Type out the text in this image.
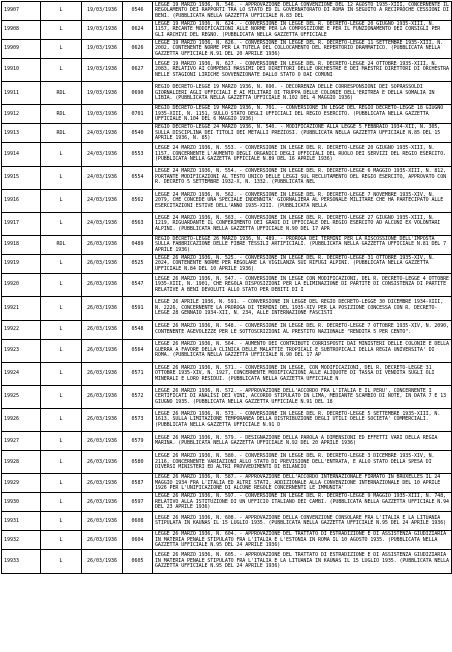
19907	L	19/03/1936	0546	LEGGE 19 MARZO 1936, N. 546. - APPROVAZIONE DELLA CONVENZIONE DEL 12 AGOSTO 1935-XIII, CONCERNENTE IL REGOLAMENTO DEI RAPPORTI TRA LO STATO ED IL GOVERNATORATO DI ROMA IN SEGUITO A RECIPROCHE CESSIONI DI BENI. (PUBBLICATA NELLA GAZZETTA UFFICIALE N.83 DEL
19908	L	19/03/1936	0624	LEGGE 19 MARZO 1936, N. 624. - CONVERSIONE IN LEGGE DEL R. DECRETO-LEGGE 20 GIUGNO 1935-XIII, N. 1157, RECANTE MODIFICAZIONI ALLE NORME PER LA COMPOSIZIONE E PER IL FUNZIONAMENTO DEI CONSIGLI PER GLI ARCHIVI DEL REGNO. (PUBBLICATA NELLA GAZZETTA UFFICIALE
19909	L	19/03/1936	0626	LEGGE 19 MARZO 1936, N. 626. - CONVERSIONE IN LEGGE DEL R. DECRETO-LEGGE 11 SETTEMBRE 1935-XIII, N. 2002, CONTENENTE NORME PER LA TUTELA DEL COLLOCAMENTO DEL REPERTORIO DRAMMATICO. (PUBBLICATA NELLA GAZZETTA UFFICIALE N.91 DEL 20 APRILE 1936)
19910	L	19/03/1936	0627	LEGGE 19 MARZO 1936, N. 627. - CONVERSIONE IN LEGGE DEL R. DECRETO-LEGGE 24 OTTOBRE 1935-XIII, N. 2083, RELATIVO AI COMPENSI MASSIMI DEI DIRETTORI DELLE ORCHESTRE E DEI MAESTRI DIRETTORI DI ORCHESTRA NELLE STAGIONI LIRICHE SOVVENZIONATE DALLO STATO O DAI COMUNI
19911	RDL	19/03/1936	0690	REGIO DECRETO-LEGGE 19 MARZO 1936, N. 690. - DECORRENZA DELLE CORRESPONSIONI DEI SOPRASSOLDI GIORNALIERI AGLI UFFICIALI E AI MILITARI DI TRUPPA DELLE COLONIE DELL'ERITREA E DELLA SOMALIA IN LIBIA. (PUBBLICATA NELLA GAZZETTA UFFICIALE N.102 DEL 4 MAGGIO 1936)
19912	RDL	19/03/1936	0701	REGIO DECRETO-LEGGE 19 MARZO 1936, N. 701. - CONVERSIONE IN LEGGE DEL REGIO DECRETO-LEGGE 18 GIUGNO 1935-XIII, N. 1151, SULLO STATO DEGLI UFFICIALI DEL REGIO ESERCITO. (PUBBLICATA NELLA GAZZETTA UFFICIALE N.104 DEL 6 MAGGIO 1936)
19913	RDL	24/03/1936	0540	REGIO DECRETO-LEGGE 24 MARZO 1936, N. 540. - MODIFICAZIONE ALLA LEGGE 5 FEBBRAIO 1934-XII, N. 305, SULLA DISCIPLINA DEI TITOLI DEI METALLI PREZIOSI. (PUBBLICATA NELLA GAZZETTA UFFICIALE N.85 DEL 15 APRILE 1936, N. 85)
19914	L	24/03/1936	0553	LEGGE 24 MARZO 1936, N. 553. - CONVERSIONE IN LEGGE DEL R. DECRETO-LEGGE 20 GIUGNO 1935-XIII, N. 1157, CONCERNENTE L'AUMENTO DEGLI ORGANICI DEGLI UFFICIALI DEL RUOLO DEI SERVIZI DEL REGIO ESERCITO. (PUBBLICATA NELLA GAZZETTA UFFICIALE N.89 DEL 16 APRILE 1936)
19915	L	24/03/1936	0554	LEGGE 24 MARZO 1936, N. 554. - CONVERSIONE IN LEGGE DEL R. DECRETO-LEGGE 6 MAGGIO 1935-XIII, N. 812, PORTANTE MODIFICAZIONI AL TESTO UNICO DELLE LEGGI SUL RECLUTAMENTO DEL REGIO ESERCITO, APPROVATO CON R. DECRETO 5 SETTEMBRE 1932-X, N. 1332. (PUBBLICATA NEL
19916	L	24/03/1936	0562	LEGGE 24 MARZO 1936, N. 562. - CONVERSIONE IN LEGGE DEL R. DECRETO-LEGGE 7 NOVEMBRE 1935-XIV, N. 2079, CHE CONCEDE UNA SPECIALE INDENNITA' GIORNALIERA AL PERSONALE MILITARE CHE HA PARTECIPATO ALLE ESERCITAZIONI ESTIVE DELL'ANNO 1935-XIII. (PUBBLICATA NELLA
19917	L	24/03/1936	0563	LEGGE 24 MARZO 1936, N. 563. - CONVERSIONE IN LEGGE DEL R. DECRETO-LEGGE 27 GIUGNO 1935-XIII, N. 1219, RIGUARDANTE IL CONFERIMENTO DEI GRADI DI UFFICIALE DEL REGIO ESERCITO AD ALCUNI EX VOLONTARI ALPINI. (PUBBLICATA NELLA GAZZETTA UFFICIALE N.90 DEL 17 APR
19918	RDL	26/03/1936	0489	REGIO DECRETO-LEGGE 26 MARZO 1936, N. 489. - PROROGA DEI TERMINI PER LA RISCOSSIONE DELL'IMPOSTA SULLA FABBRICAZIONE DELLE FIBRE TESSILI ARTIFICIALI. (PUBBLICATA NELLA GAZZETTA UFFICIALE N.81 DEL 7 APRILE 1936)
19919	L	26/03/1936	0525	LEGGE 26 MARZO 1936, N. 525. - CONVERSIONE IN LEGGE DEL R. DECRETO-LEGGE 31 OTTOBRE 1935-XIV, N. 2024, CONTENENTE NORME PER REGOLARE LA VIGILANZA SUI RIFUGI ALPINI. (PUBBLICATA NELLA GAZZETTA UFFICIALE N.84 DEL 10 APRILE 1936)
19920	L	26/03/1936	0547	LEGGE 26 MARZO 1936, N. 547. - CONVERSIONE IN LEGGE CON MODIFICAZIONI, DEL R. DECRETO-LEGGE 4 OTTOBRE 1935-XIII, N. 1901, CHE REGOLA DISPOSIZIONI PER LA ELIMINAZIONE DI PARTITE DI CONSISTENZA DI PARTITE RELATIVE A BENI DEVOLUTI ALLO STATO PER DEBITI DI I
19921	L	26/03/1936	0591	LEGGE 26 APRILE 1936, N. 591. - CONVERSIONE IN LEGGE DEL REGIO DECRETO-LEGGE 30 DICEMBRE 1934-XIII, N. 2226, CONCERNENTE LA PROROGA DI TERMINI DEL 1935-XIV PER LA POSIZIONE CONCESSA CON R. DECRETO-LEGGE 28 GENNAIO 1934-XII, N. 234, ALLE INTERNAZIONE FASCISTI
19922	L	26/03/1936	0548	LEGGE 26 MARZO 1936, N. 548. - CONVERSIONE IN LEGGE DEL R. DECRETO-LEGGE 7 OTTOBRE 1935-XIV, N. 2090, CONTENENTE AGEVOLEZZE PER LE SOTTOSCRIZIONI AL PRESTITO NAZIONALE "RENDITA 5 PER CENTO".
19923	L	26/03/1936	0564	LEGGE 26 MARZO 1936, N. 564. - AUMENTO DEI CONTRIBUTI CORRISPOSTI DAI MINISTERI DELLE COLONIE E DELLA GUERRA A FAVORE DELLA CLINICA DELLE MALATTIE TROPICALI E SUBTROPICALI DELLA REGIA UNIVERSITA' DI ROMA. (PUBBLICATA NELLA GAZZETTA UFFICIALE N.90 DEL 17 AP
19924	L	26/03/1936	0571	LEGGE 26 MARZO 1936, N. 571. - CONVERSIONE IN LEGGE, CON MODIFICAZIONI, DEL R. DECRETO-LEGGE 31 OTTOBRE 1935-XIV, N. 1927, CONCERNENTE MODIFICAZIONI ALLE ALIQUOTE DI TASSA DI VENDITA SUGLI OLI MINERALI E LORO RESIDUI. (PUBBLICATA NELLA GAZZETTA UFFICIALE N
19925	L	26/03/1936	0572	LEGGE 26 MARZO 1936, N. 572. - APPROVAZIONE DELL'ACCORDO FRA L'ITALIA E IL PERU', CONCERNENTE I CERTIFICATI DI ANALISI DEI VINI, ACCORDO STIPULATO IN LIMA, MEDIANTE SCAMBIO DI NOTE, IN DATA 7 E 13 GIUGNO 1935. (PUBBLICATA NELLA GAZZETTA UFFICIALE N.91 DEL 18
19926	L	26/03/1936	0573	LEGGE 26 MARZO 1936, N. 573. - CONVERSIONE IN LEGGE DEL R. DECRETO-LEGGE 5 SETTEMBRE 1935-XIII, N. 1613, SULLA LIMITAZIONE TEMPORANEA DELLA DISTRIBUZIONE DEGLI UTILI DELLE SOCIETA' COMMERCIALI. (PUBBLICATA NELLA GAZZETTA UFFICIALE N.91 D
19927	L	26/03/1936	0579	LEGGE 26 MARZO 1936, N. 579. - DESIGNAZIONE DELLA PAROLA A DIMENSIONI ED EFFETTI VARI DELLA REGIA MARINA. (PUBBLICATA NELLA GAZZETTA UFFICIALE N.92 DEL 20 APRILE 1936)
19928	L	26/03/1936	0580	LEGGE 26 MARZO 1936, N. 580. - CONVERSIONE IN LEGGE DEL R. DECRETO-LEGGE 3 DICEMBRE 1935-XIV, N. 2116, CONCERNENTE VARIAZIONI ALLO STATO DI PREVISIONE DELL'ENTRATA, E ALLO STATO DELLA SPESA DI DIVERSI MINISTERI ED ALTRI PROVVEDIMENTI DI BILANCIO
19929	L	26/03/1936	0587	LEGGE 26 MARZO 1936, N. 587. - APPROVAZIONE DELL'ACCORDO INTERNAZIONALE FIRMATO IN BRUXELLES IL 24 MAGGIO 1934 FRA L'ITALIA ED ALTRI STATI, ADDIZIONALE ALLA CONVENZIONE INTERNAZIONALE DEL 10 APRILE 1926 PER L'UNIFICAZIONE DI ALCUNE REGOLE CONCERNENTI LE IMMUNITA'
19930	L	26/03/1936	0597	LEGGE 26 MARZO 1936, N. 597. - CONVERSIONE IN LEGGE DEL R. DECRETO-LEGGE 9 MAGGIO 1935-XIII, N. 748, RELATIVO ALLA ISTITUZIONE DI UN UFFICIO ITALIANO DEI CAMBI. (PUBBLICATA NELLA GAZZETTA UFFICIALE N.94 DEL 23 APRILE 1936)
19931	L	26/03/1936	0608	LEGGE 26 MARZO 1936, N. 608. - APPROVAZIONE DELLA CONVENZIONE CONSOLARE FRA L'ITALIA E LA LITUANIA STIPULATA IN KAUNAS IL 15 LUGLIO 1935. (PUBBLICATA NELLA GAZZETTA UFFICIALE N.95 DEL 24 APRILE 1936)
19932	L	26/03/1936	0604	LEGGE 26 MARZO 1936, N. 604. - APPROVAZIONE DEL TRATTATO DI ESTRADIZIONE E DI ASSISTENZA GIUDIZIARIA IN MATERIA PENALE STIPULATO FRA L'ITALIA E L'ESTONIA IN ROMA IL 10 AGOSTO 1935. (PUBBLICATA NELLA GAZZETTA UFFICIALE N.95 DEL 24 APRILE 1936)
19933	L	26/03/1936	0605	LEGGE 26 MARZO 1936, N. 605. - APPROVAZIONE DEL TRATTATO DI ESTRADIZIONE E DI ASSISTENZA GIUDIZIARIA IN MATERIA PENALE STIPULATO FRA L'ITALIA E LA LITUANIA IN KAUNAS IL 15 LUGLIO 1935. (PUBBLICATA NELLA GAZZETTA UFFICIALE N.95 DEL 24 APRILE 1936)
